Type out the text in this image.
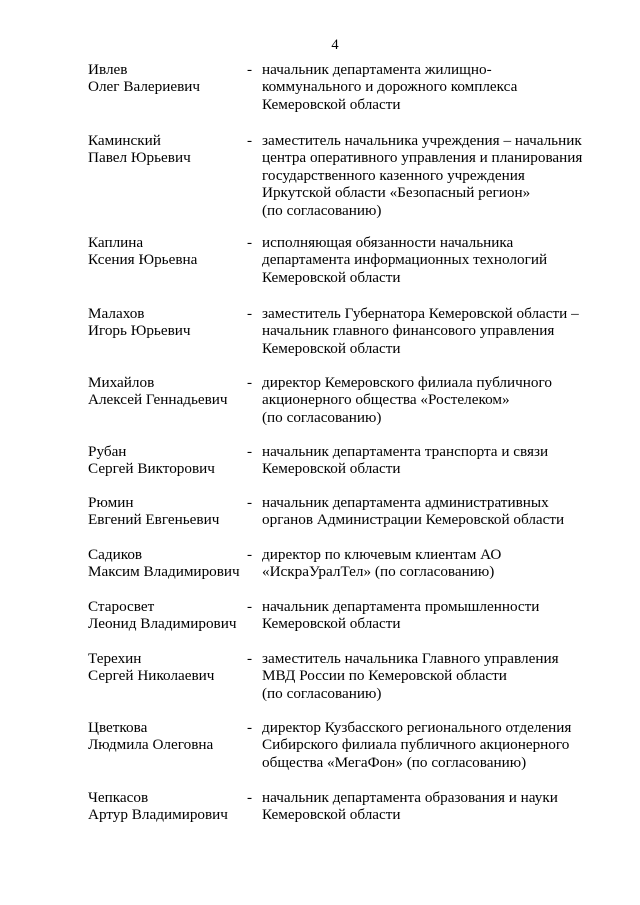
4
Ивлев
Олег Валериевич
- начальник департамента жилищно-
коммунального и дорожного комплекса
Кемеровской области
Каминский
Павел Юрьевич
- заместитель начальника учреждения – начальник
центра оперативного управления и планирования
государственного казенного учреждения
Иркутской области «Безопасный регион»
(по согласованию)
Каплина
Ксения Юрьевна
- исполняющая обязанности начальника
департамента информационных технологий
Кемеровской области
Малахов
Игорь Юрьевич
- заместитель Губернатора Кемеровской области –
начальник главного финансового управления
Кемеровской области
Михайлов
Алексей Геннадьевич
- директор Кемеровского филиала публичного
акционерного общества «Ростелеком»
(по согласованию)
Рубан
Сергей Викторович
- начальник департамента транспорта и связи
Кемеровской области
Рюмин
Евгений Евгеньевич
- начальник департамента административных
органов Администрации Кемеровской области
Садиков
Максим Владимирович
- директор по ключевым клиентам АО
«ИскраУралТел» (по согласованию)
Старосвет
Леонид Владимирович
- начальник департамента промышленности
Кемеровской области
Терехин
Сергей Николаевич
- заместитель начальника Главного управления
МВД России по Кемеровской области
(по согласованию)
Цветкова
Людмила Олеговна
- директор Кузбасского регионального отделения
Сибирского филиала публичного акционерного
общества «МегаФон» (по согласованию)
Чепкасов
Артур Владимирович
- начальник департамента образования и науки
Кемеровской области
